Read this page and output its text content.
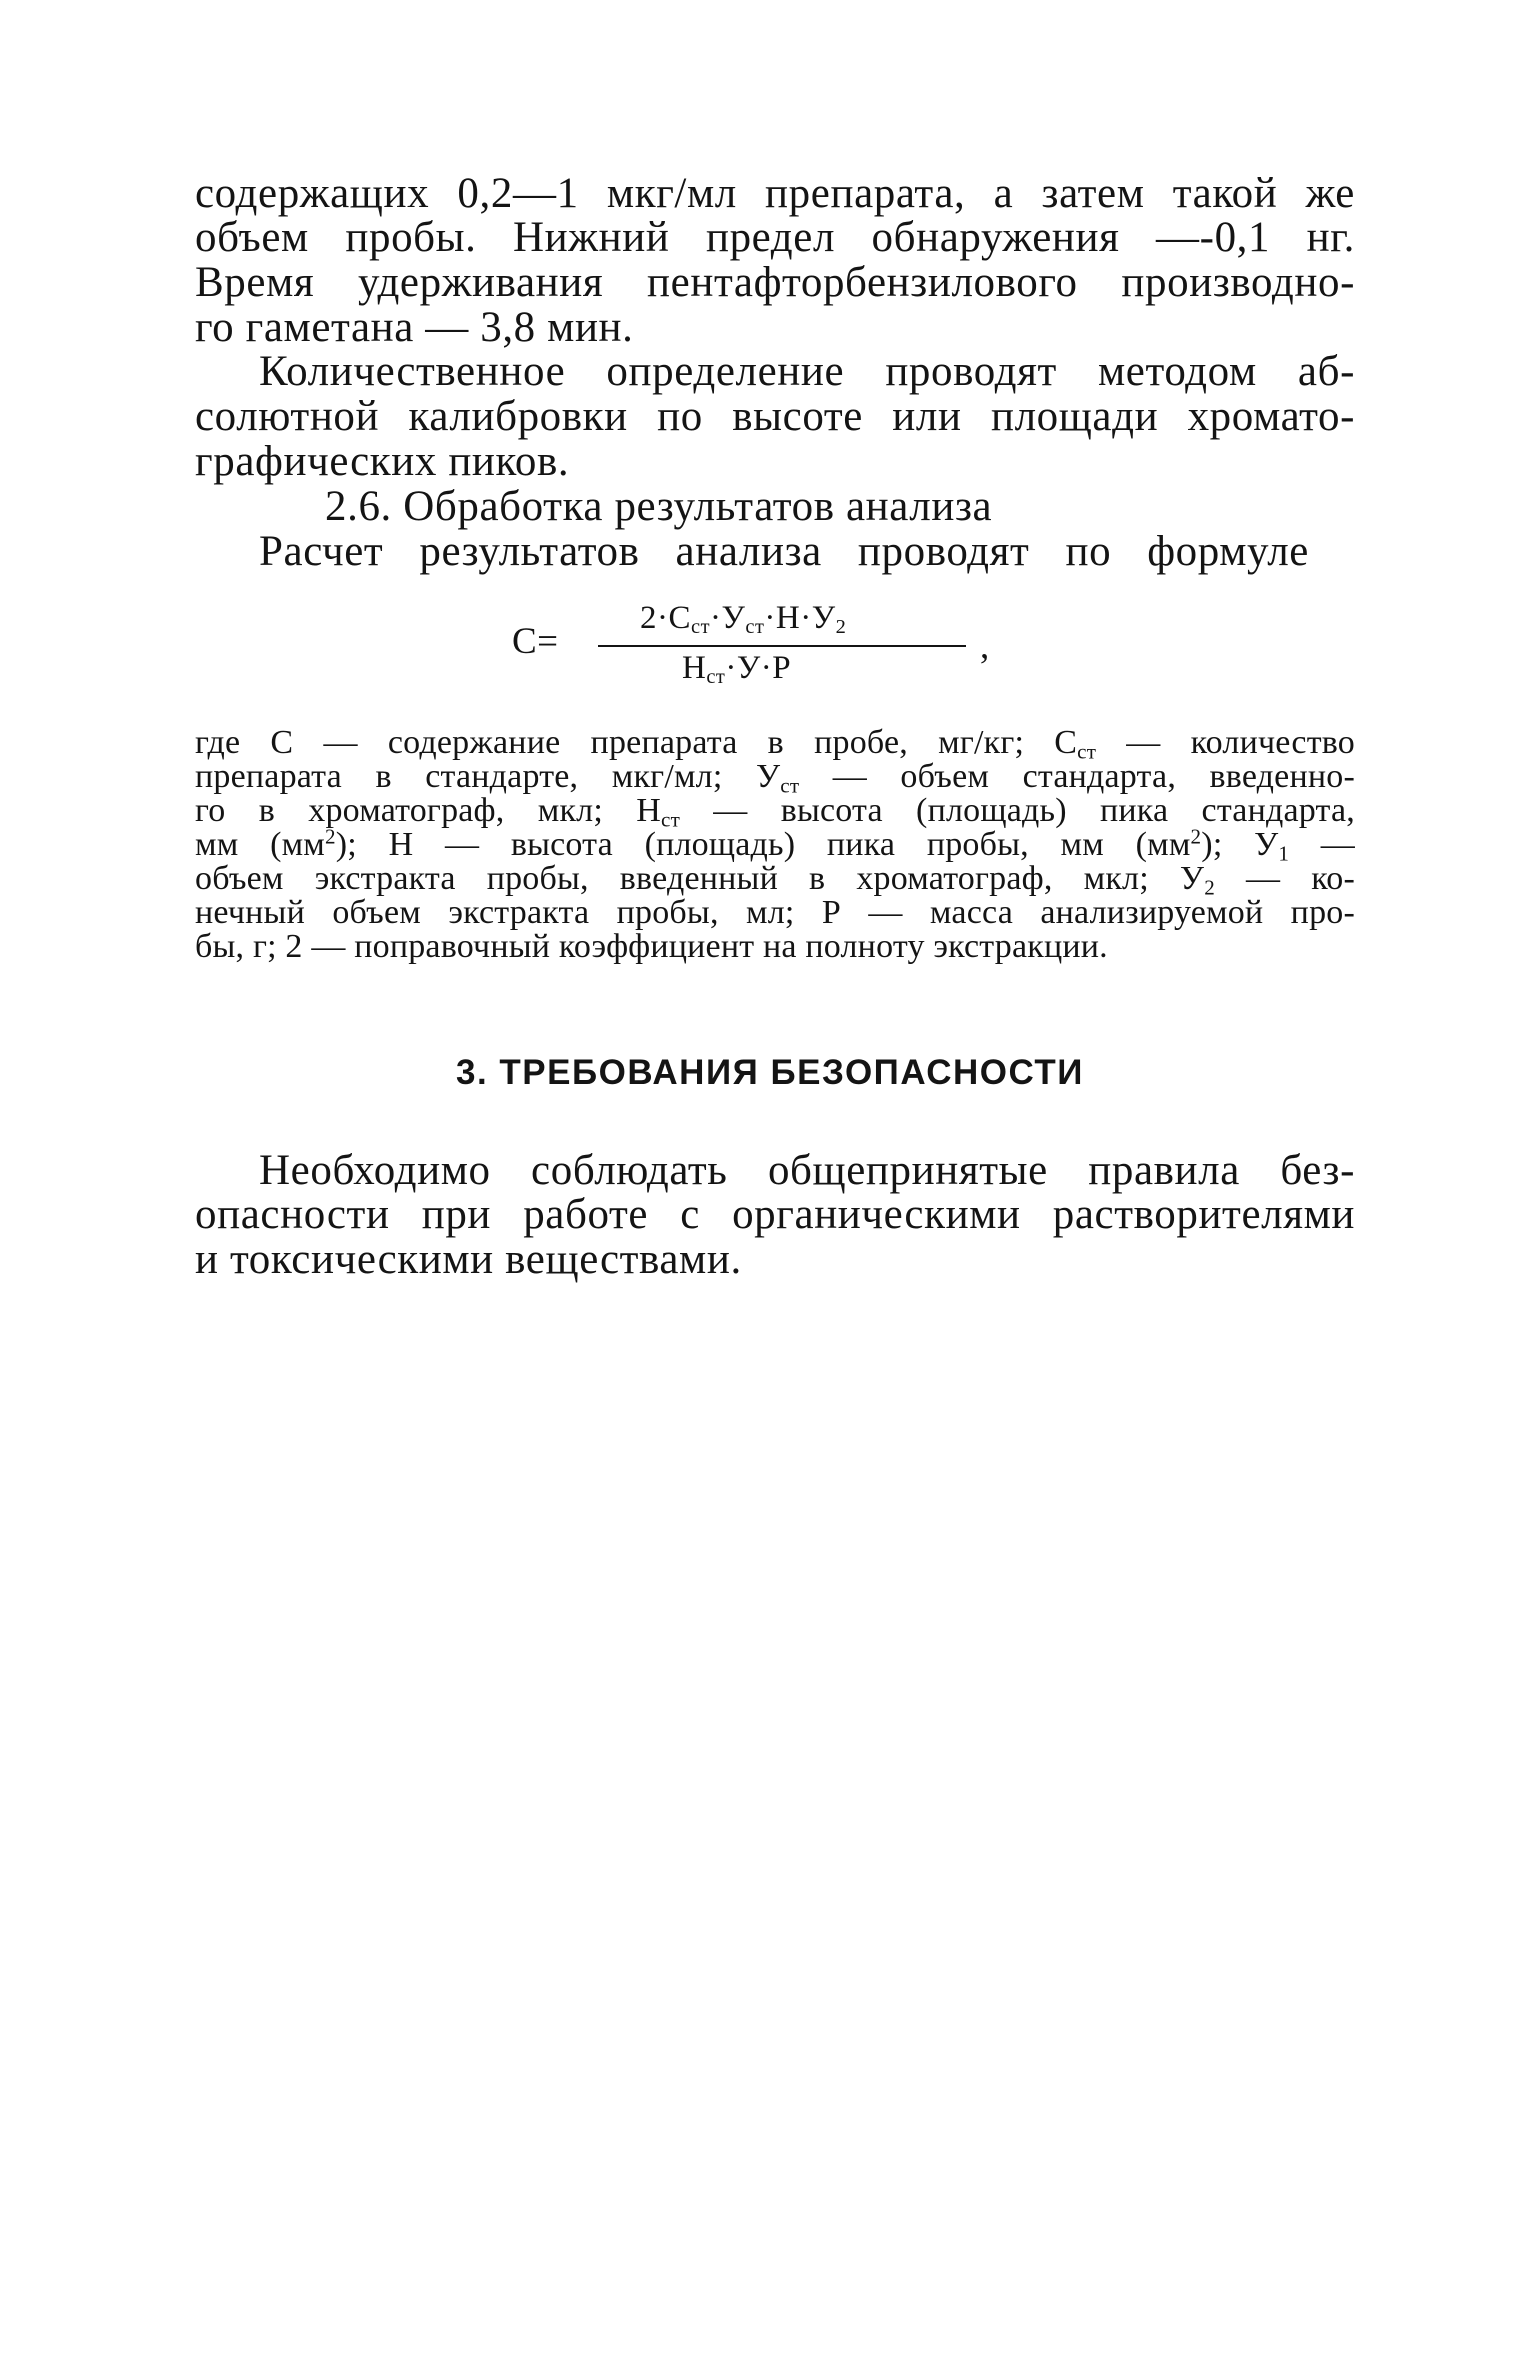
содержащих 0,2—1 мкг/мл препарата, а затем такой же
объем пробы. Нижний предел обнаружения —-0,1 нг.
Время удерживания пентафторбензилового производно-
го гаметана — 3,8 мин.
Количественное определение проводят методом аб-
солютной калибровки по высоте или площади хромато-
графических пиков.
2.6. Обработка результатов анализа
Расчет результатов анализа проводят по формуле
C=
$2\cdot C_{ст}\cdot У_{ст}\cdot H\cdot У_2$
$H_{ст}\cdot У\cdot P$
,
где С — содержание препарата в пробе, мг/кг; $С_{ст}$ — количество
препарата в стандарте, мкг/мл; $У_{ст}$ — объем стандарта, введенно-
го в хроматограф, мкл; $Н_{ст}$ — высота (площадь) пика стандарта,
мм $(мм^2)$; Н — высота (площадь) пика пробы, мм $(мм^2)$; $У_1$ —
объем экстракта пробы, введенный в хроматограф, мкл; $У_2$ — ко-
нечный объем экстракта пробы, мл; Р — масса анализируемой про-
бы, г; 2 — поправочный коэффициент на полноту экстракции.
3. ТРЕБОВАНИЯ БЕЗОПАСНОСТИ
Необходимо соблюдать общепринятые правила без-
опасности при работе с органическими растворителями
и токсическими веществами.
